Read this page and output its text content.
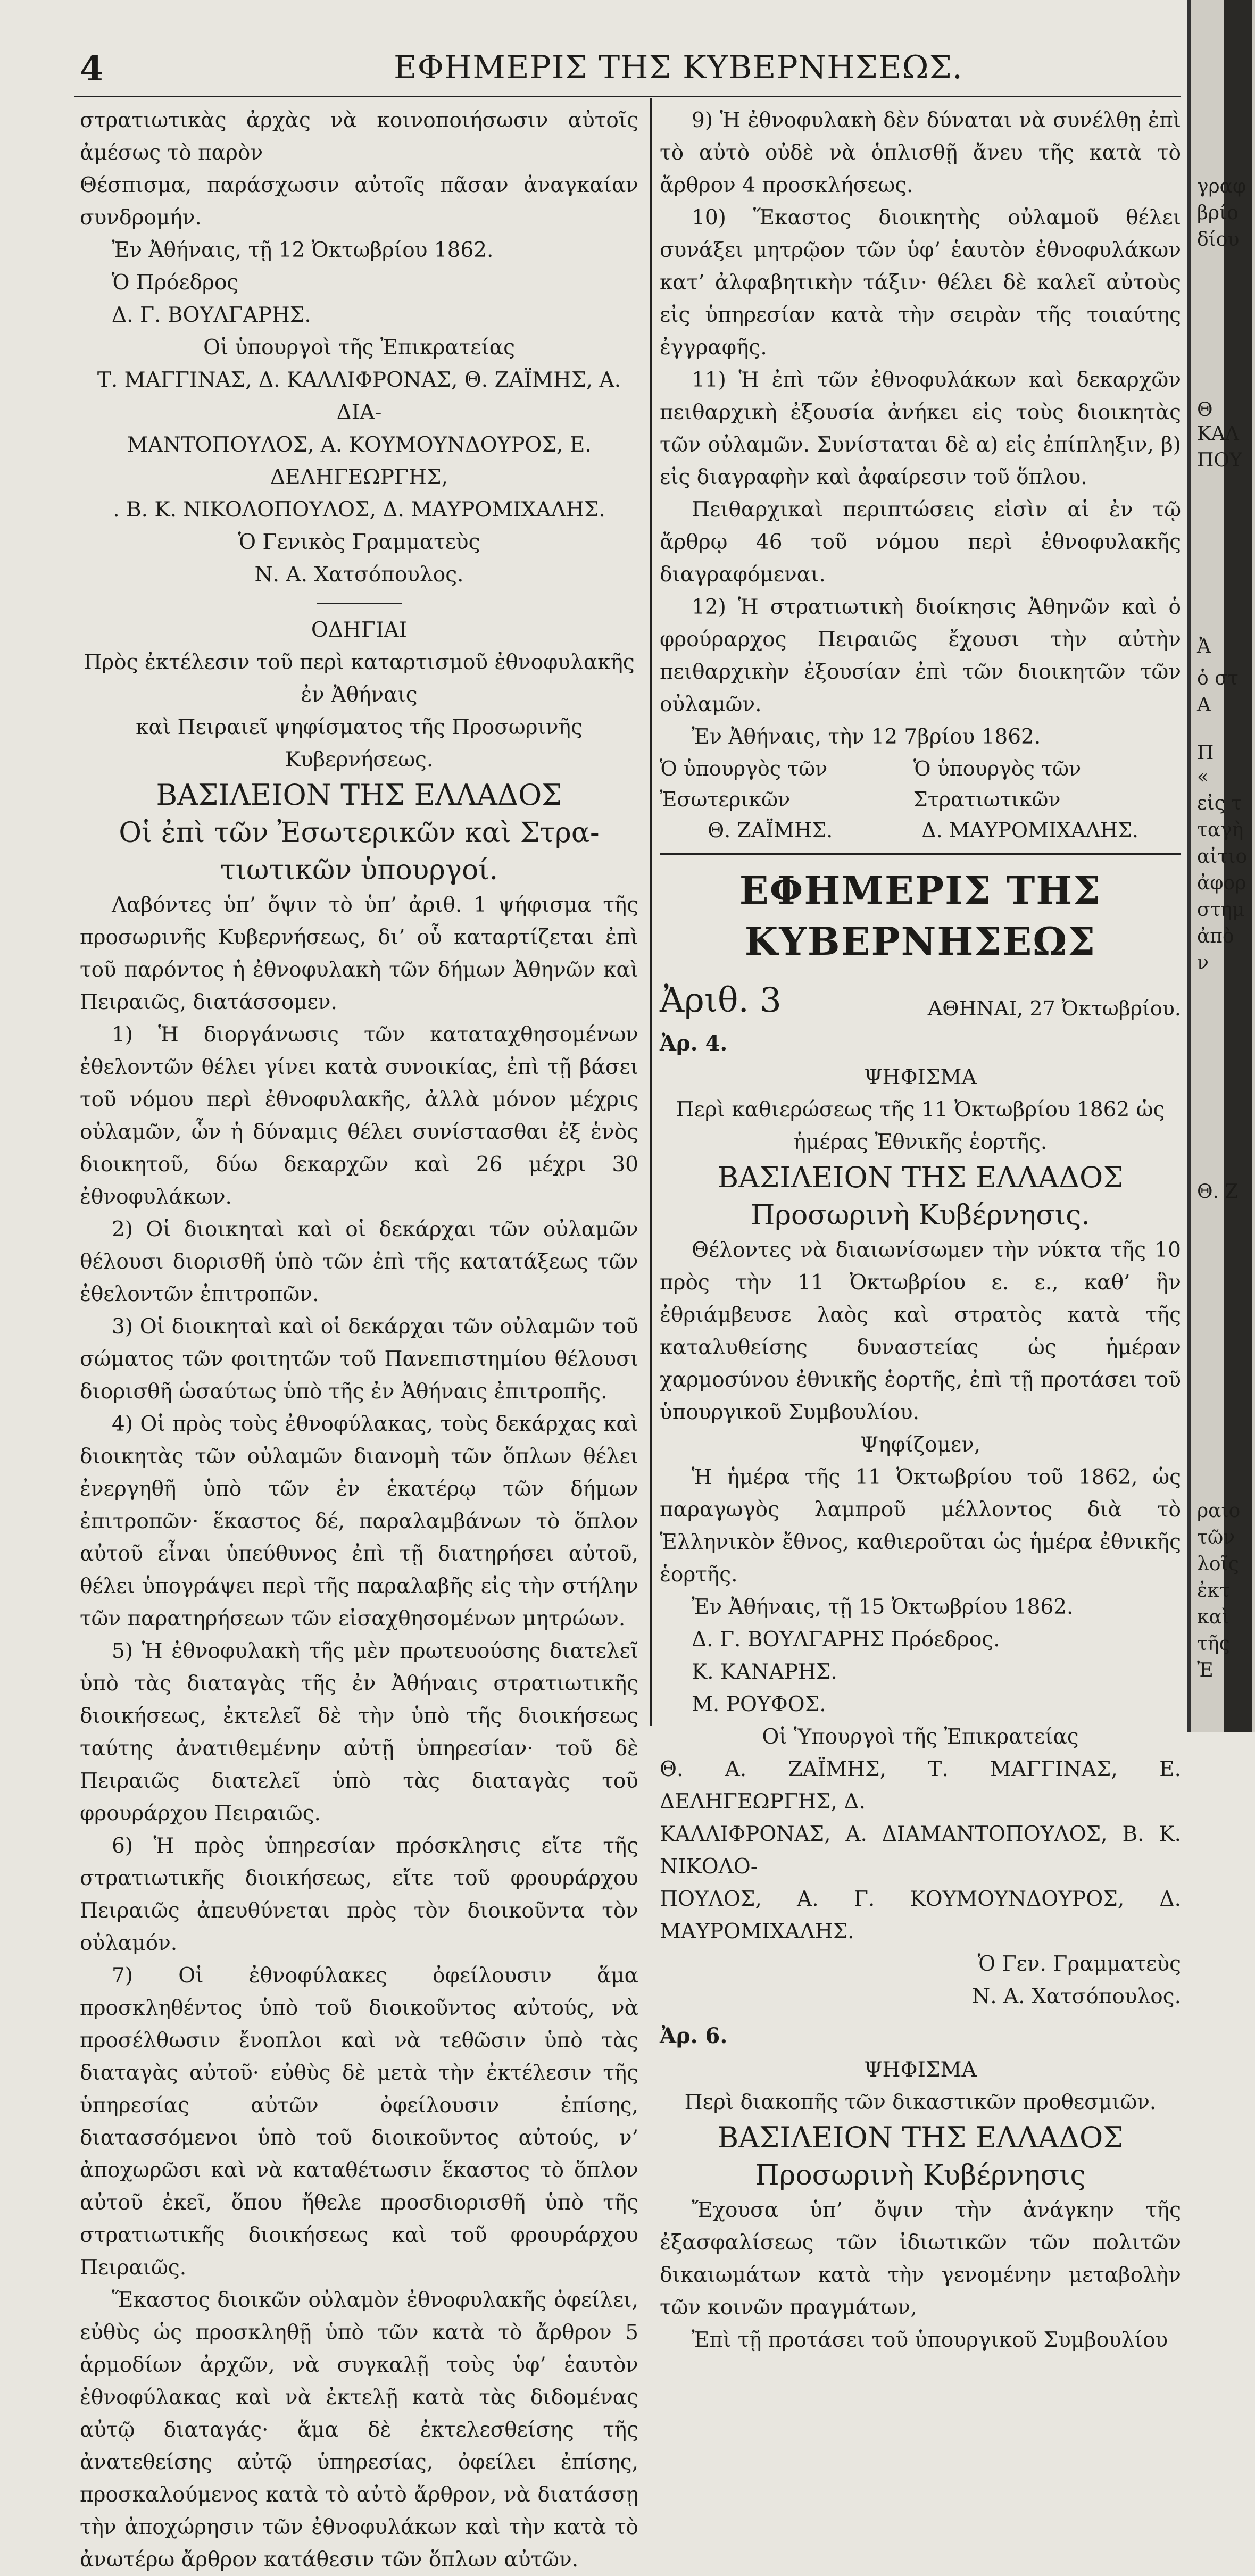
4	ΕΦΗΜΕΡΙΣ ΤΗΣ ΚΥΒΕΡΝΗΣΕΩΣ.

στρατιωτικὰς ἀρχὰς νὰ κοινοποιήσωσιν αὐτοῖς ἀμέσως τὸ παρὸν

Θέσπισμα, παράσχωσιν αὐτοῖς πᾶσαν ἀναγκαίαν συνδρομήν.

Ἐν Ἀθήναις, τῇ 12 Ὀκτωβρίου 1862.

Ὁ Πρόεδρος

Δ. Γ. ΒΟΥΛΓΑΡΗΣ.

Οἱ ὑπουργοὶ τῆς Ἐπικρατείας

Τ. ΜΑΓΓΙΝΑΣ, Δ. ΚΑΛΛΙΦΡΟΝΑΣ, Θ. ΖΑΪΜΗΣ, Α. ΔΙΑ-

ΜΑΝΤΟΠΟΥΛΟΣ, Α. ΚΟΥΜΟΥΝΔΟΥΡΟΣ, Ε. ΔΕΛΗΓΕΩΡΓΗΣ,

. Β. Κ. ΝΙΚΟΛΟΠΟΥΛΟΣ, Δ. ΜΑΥΡΟΜΙΧΑΛΗΣ.

Ὁ Γενικὸς Γραμματεὺς

Ν. Α. Χατσόπουλος.

ΟΔΗΓΙΑΙ

Πρὸς ἐκτέλεσιν τοῦ περὶ καταρτισμοῦ ἐθνοφυλακῆς ἐν Ἀθήναις

καὶ Πειραιεῖ ψηφίσματος τῆς Προσωρινῆς Κυβερνήσεως.

ΒΑΣΙΛΕΙΟΝ ΤΗΣ ΕΛΛΑΔΟΣ

Οἱ ἐπὶ τῶν Ἐσωτερικῶν καὶ Στρα-

τιωτικῶν ὑπουργοί.

Λαβόντες ὑπ’ ὄψιν τὸ ὑπ’ ἀριθ. 1 ψήφισμα τῆς προσωρινῆς Κυβερνήσεως, δι’ οὗ καταρτίζεται ἐπὶ τοῦ παρόντος ἡ ἐθνοφυλακὴ τῶν δήμων Ἀθηνῶν καὶ Πειραιῶς, διατάσσομεν.

1) Ἡ διοργάνωσις τῶν καταταχθησομένων ἐθελοντῶν θέλει γίνει κατὰ συνοικίας, ἐπὶ τῇ βάσει τοῦ νόμου περὶ ἐθνοφυλακῆς, ἀλλὰ μόνον μέχρις οὐλαμῶν, ὧν ἡ δύναμις θέλει συνίστασθαι ἐξ ἑνὸς διοικητοῦ, δύω δεκαρχῶν καὶ 26 μέχρι 30 ἐθνοφυλάκων.

2) Οἱ διοικηταὶ καὶ οἱ δεκάρχαι τῶν οὐλαμῶν θέλουσι διορισθῆ ὑπὸ τῶν ἐπὶ τῆς κατατάξεως τῶν ἐθελοντῶν ἐπιτροπῶν.

3) Οἱ διοικηταὶ καὶ οἱ δεκάρχαι τῶν οὐλαμῶν τοῦ σώματος τῶν φοιτητῶν τοῦ Πανεπιστημίου θέλουσι διορισθῆ ὡσαύτως ὑπὸ τῆς ἐν Ἀθήναις ἐπιτροπῆς.

4) Οἱ πρὸς τοὺς ἐθνοφύλακας, τοὺς δεκάρχας καὶ διοικητὰς τῶν οὐλαμῶν διανομὴ τῶν ὅπλων θέλει ἐνεργηθῆ ὑπὸ τῶν ἐν ἑκατέρῳ τῶν δήμων ἐπιτροπῶν· ἕκαστος δέ, παραλαμβάνων τὸ ὅπλον αὐτοῦ εἶναι ὑπεύθυνος ἐπὶ τῇ διατηρήσει αὐτοῦ, θέλει ὑπογράψει περὶ τῆς παραλαβῆς εἰς τὴν στήλην τῶν παρατηρήσεων τῶν εἰσαχθησομένων μητρώων.

5) Ἡ ἐθνοφυλακὴ τῆς μὲν πρωτευούσης διατελεῖ ὑπὸ τὰς διαταγὰς τῆς ἐν Ἀθήναις στρατιωτικῆς διοικήσεως, ἐκτελεῖ δὲ τὴν ὑπὸ τῆς διοικήσεως ταύτης ἀνατιθεμένην αὐτῇ ὑπηρεσίαν· τοῦ δὲ Πειραιῶς διατελεῖ ὑπὸ τὰς διαταγὰς τοῦ φρουράρχου Πειραιῶς.

6) Ἡ πρὸς ὑπηρεσίαν πρόσκλησις εἴτε τῆς στρατιωτικῆς διοικήσεως, εἴτε τοῦ φρουράρχου Πειραιῶς ἀπευθύνεται πρὸς τὸν διοικοῦντα τὸν οὐλαμόν.

7) Οἱ ἐθνοφύλακες ὀφείλουσιν ἅμα προσκληθέντος ὑπὸ τοῦ διοικοῦντος αὐτούς, νὰ προσέλθωσιν ἔνοπλοι καὶ νὰ τεθῶσιν ὑπὸ τὰς διαταγὰς αὐτοῦ· εὐθὺς δὲ μετὰ τὴν ἐκτέλεσιν τῆς ὑπηρεσίας αὐτῶν ὀφείλουσιν ἐπίσης, διατασσόμενοι ὑπὸ τοῦ διοικοῦντος αὐτούς, ν’ ἀποχωρῶσι καὶ νὰ καταθέτωσιν ἕκαστος τὸ ὅπλον αὐτοῦ ἐκεῖ, ὅπου ἤθελε προσδιορισθῆ ὑπὸ τῆς στρατιωτικῆς διοικήσεως καὶ τοῦ φρουράρχου Πειραιῶς.

Ἕκαστος διοικῶν οὐλαμὸν ἐθνοφυλακῆς ὀφείλει, εὐθὺς ὡς προσκληθῇ ὑπὸ τῶν κατὰ τὸ ἄρθρον 5 ἁρμοδίων ἀρχῶν, νὰ συγκαλῇ τοὺς ὑφ’ ἑαυτὸν ἐθνοφύλακας καὶ νὰ ἐκτελῇ κατὰ τὰς διδομένας αὐτῷ διαταγάς· ἅμα δὲ ἐκτελεσθείσης τῆς ἀνατεθείσης αὐτῷ ὑπηρεσίας, ὀφείλει ἐπίσης, προσκαλούμενος κατὰ τὸ αὐτὸ ἄρθρον, νὰ διατάσσῃ τὴν ἀποχώρησιν τῶν ἐθνοφυλάκων καὶ τὴν κατὰ τὸ ἀνωτέρω ἄρθρον κατάθεσιν τῶν ὅπλων αὐτῶν.

9) Ἡ ἐθνοφυλακὴ δὲν δύναται νὰ συνέλθῃ ἐπὶ τὸ αὐτὸ οὐδὲ νὰ ὁπλισθῇ ἄνευ τῆς κατὰ τὸ ἄρθρον 4 προσκλήσεως.

10) Ἕκαστος διοικητὴς οὐλαμοῦ θέλει συνάξει μητρῷον τῶν ὑφ’ ἑαυτὸν ἐθνοφυλάκων κατ’ ἀλφαβητικὴν τάξιν· θέλει δὲ καλεῖ αὐτοὺς εἰς ὑπηρεσίαν κατὰ τὴν σειρὰν τῆς τοιαύτης ἐγγραφῆς.

11) Ἡ ἐπὶ τῶν ἐθνοφυλάκων καὶ δεκαρχῶν πειθαρχικὴ ἐξουσία ἀνήκει εἰς τοὺς διοικητὰς τῶν οὐλαμῶν. Συνίσταται δὲ α) εἰς ἐπίπληξιν, β) εἰς διαγραφὴν καὶ ἀφαίρεσιν τοῦ ὅπλου.

Πειθαρχικαὶ περιπτώσεις εἰσὶν αἱ ἐν τῷ ἄρθρῳ 46 τοῦ νόμου περὶ ἐθνοφυλακῆς διαγραφόμεναι.

12) Ἡ στρατιωτικὴ διοίκησις Ἀθηνῶν καὶ ὁ φρούραρχος Πειραιῶς ἔχουσι τὴν αὐτὴν πειθαρχικὴν ἐξουσίαν ἐπὶ τῶν διοικητῶν τῶν οὐλαμῶν.

Ἐν Ἀθήναις, τὴν 12 7βρίου 1862.

Ὁ ὑπουργὸς τῶν Ἐσωτερικῶν
Ὁ ὑπουργὸς τῶν Στρατιωτικῶν
Θ. ΖΑΪΜΗΣ.	Δ. ΜΑΥΡΟΜΙΧΑΛΗΣ.
ΕΦΗΜΕΡΙΣ ΤΗΣ ΚΥΒΕΡΝΗΣΕΩΣ
Ἀριθ. 3	ΑΘΗΝΑΙ, 27 Ὀκτωβρίου.
Ἀρ. 4.

ΨΗΦΙΣΜΑ

Περὶ καθιερώσεως τῆς 11 Ὀκτωβρίου 1862 ὡς ἡμέρας Ἐθνικῆς ἑορτῆς.

ΒΑΣΙΛΕΙΟΝ ΤΗΣ ΕΛΛΑΔΟΣ

Προσωρινὴ Κυβέρνησις.

Θέλοντες νὰ διαιωνίσωμεν τὴν νύκτα τῆς 10 πρὸς τὴν 11 Ὀκτωβρίου ε. ε., καθ’ ἣν ἐθριάμβευσε λαὸς καὶ στρατὸς κατὰ τῆς καταλυθείσης δυναστείας ὡς ἡμέραν χαρμοσύνου ἐθνικῆς ἑορτῆς, ἐπὶ τῇ προτάσει τοῦ ὑπουργικοῦ Συμβουλίου.

Ψηφίζομεν,

Ἡ ἡμέρα τῆς 11 Ὀκτωβρίου τοῦ 1862, ὡς παραγωγὸς λαμπροῦ μέλλοντος διὰ τὸ Ἑλληνικὸν ἔθνος, καθιεροῦται ὡς ἡμέρα ἐθνικῆς ἑορτῆς.

Ἐν Ἀθήναις, τῇ 15 Ὀκτωβρίου 1862.

Δ. Γ. ΒΟΥΛΓΑΡΗΣ Πρόεδρος.

Κ. ΚΑΝΑΡΗΣ.

Μ. ΡΟΥΦΟΣ.

Οἱ Ὑπουργοὶ τῆς Ἐπικρατείας

Θ. Α. ΖΑΪΜΗΣ, Τ. ΜΑΓΓΙΝΑΣ, Ε. ΔΕΛΗΓΕΩΡΓΗΣ, Δ.

ΚΑΛΛΙΦΡΟΝΑΣ, Α. ΔΙΑΜΑΝΤΟΠΟΥΛΟΣ, Β. Κ. ΝΙΚΟΛΟ-

ΠΟΥΛΟΣ, Α. Γ. ΚΟΥΜΟΥΝΔΟΥΡΟΣ, Δ. ΜΑΥΡΟΜΙΧΑΛΗΣ.

Ὁ Γεν. Γραμματεὺς

Ν. Α. Χατσόπουλος.

Ἀρ. 6.

ΨΗΦΙΣΜΑ

Περὶ διακοπῆς τῶν δικαστικῶν προθεσμιῶν.

ΒΑΣΙΛΕΙΟΝ ΤΗΣ ΕΛΛΑΔΟΣ

Προσωρινὴ Κυβέρνησις

Ἔχουσα ὑπ’ ὄψιν τὴν ἀνάγκην τῆς ἐξασφαλίσεως τῶν ἰδιωτικῶν τῶν πολιτῶν δικαιωμάτων κατὰ τὴν γενομένην μεταβολὴν τῶν κοινῶν πραγμάτων,

Ἐπὶ τῇ προτάσει τοῦ ὑπουργικοῦ Συμβουλίου

γραφ
βρίο
δίου
Θ
ΚΑΛ
ΠΟΥ
Ἀ
ὁ στ
Α
Π
«
εἰς τ
ταγὴ
αἰτιο
ἀφορ
στημ
ἀπὸ
ν
Θ. Ζ
ραιο
τῶν
λοῖς
ἐκτ
καὶ
τῆς
Ἐ
